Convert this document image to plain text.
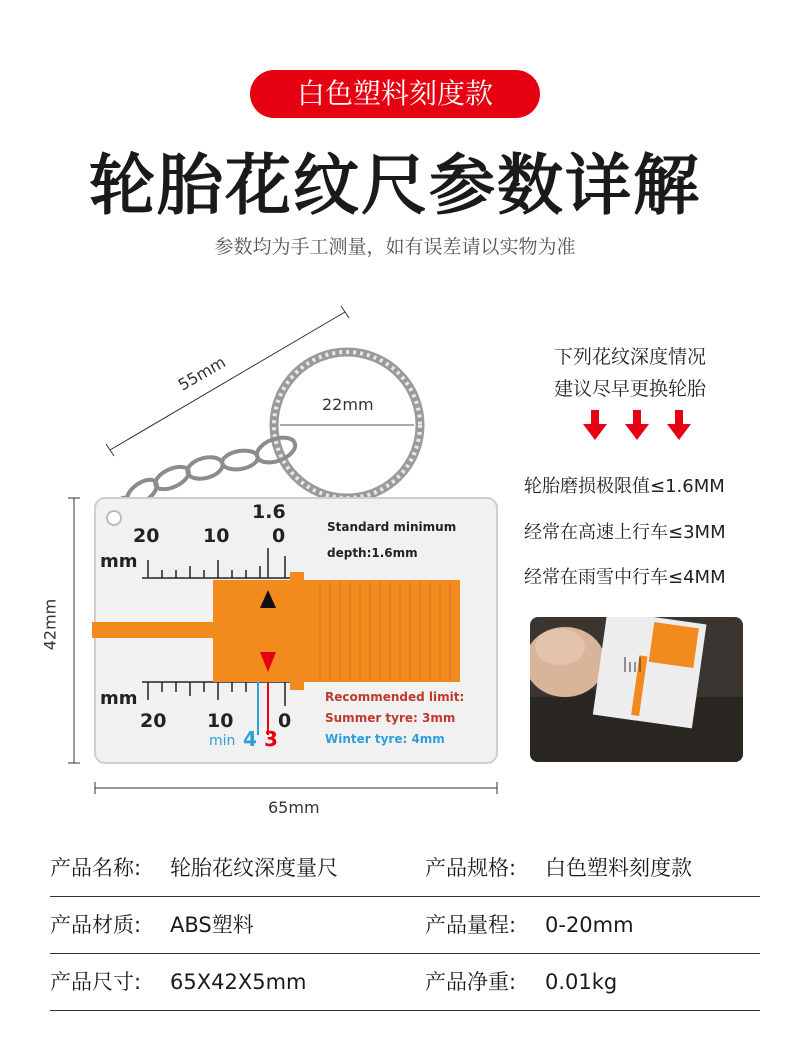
白色塑料刻度款
轮胎花纹尺参数详解
参数均为手工测量，如有误差请以实物为准
55mm
22mm
42mm
65mm
1.6
20 10 0
mm
Standard minimum
depth:1.6mm
mm
20 10 0
min 4 3
Recommended limit:
Summer tyre: 3mm
Winter tyre: 4mm
下列花纹深度情况
建议尽早更换轮胎
轮胎磨损极限值≤1.6MM
经常在高速上行车≤3MM
经常在雨雪中行车≤4MM
产品名称: 轮胎花纹深度量尺	产品规格: 白色塑料刻度款
产品材质: ABS塑料	产品量程: 0-20mm
产品尺寸: 65X42X5mm	产品净重: 0.01kg
